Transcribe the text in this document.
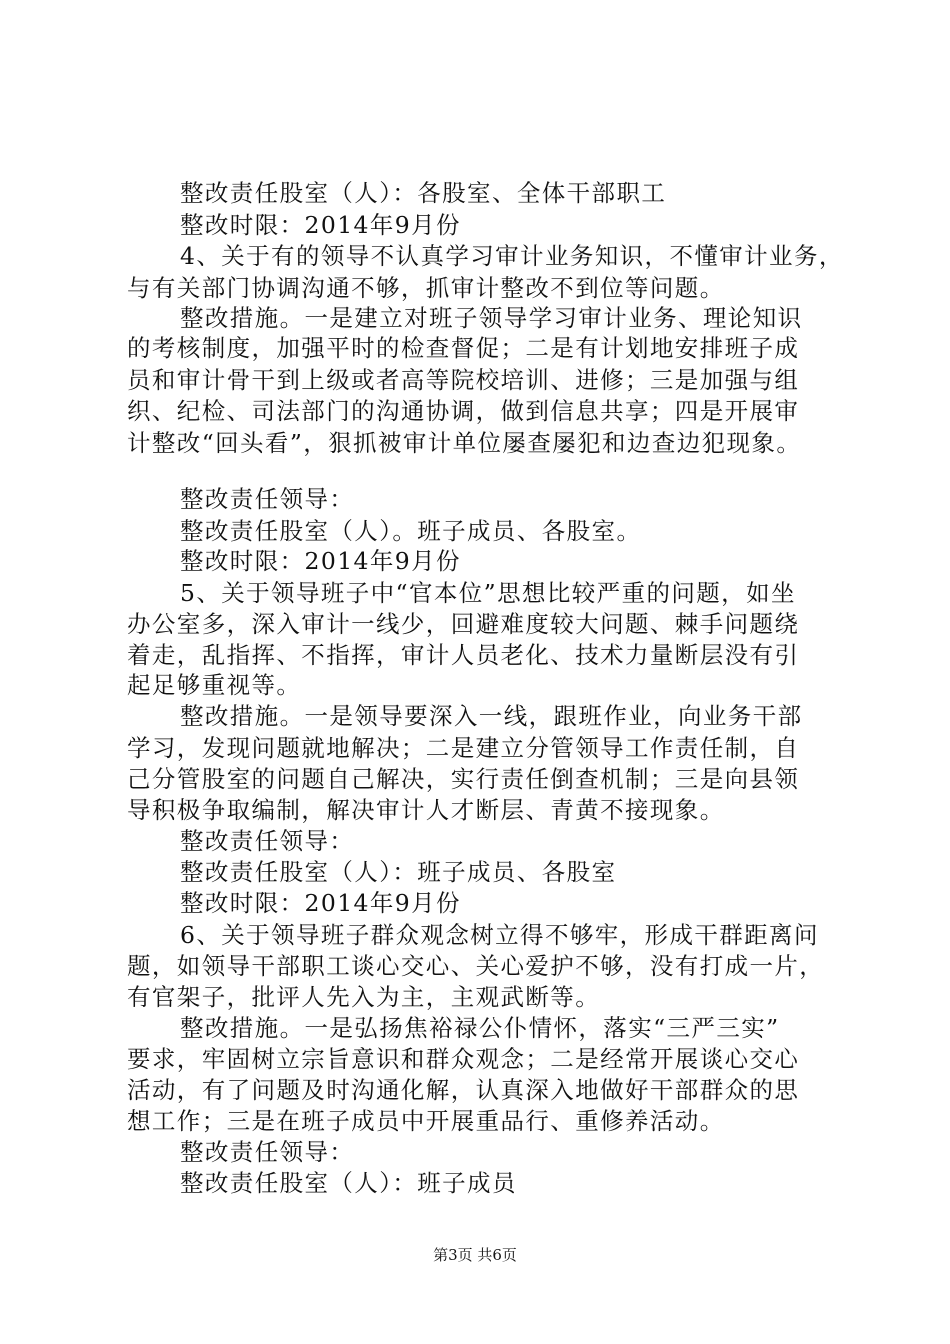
整改责任股室（人）：各股室、全体干部职工
整改时限：2014年9月份
4、关于有的领导不认真学习审计业务知识，不懂审计业务，
与有关部门协调沟通不够，抓审计整改不到位等问题。
整改措施。一是建立对班子领导学习审计业务、理论知识
的考核制度，加强平时的检查督促；二是有计划地安排班子成
员和审计骨干到上级或者高等院校培训、进修；三是加强与组
织、纪检、司法部门的沟通协调，做到信息共享；四是开展审
计整改“回头看”，狠抓被审计单位屡查屡犯和边查边犯现象。
整改责任领导：
整改责任股室（人）。班子成员、各股室。
整改时限：2014年9月份
5、关于领导班子中“官本位”思想比较严重的问题，如坐
办公室多，深入审计一线少，回避难度较大问题、棘手问题绕
着走，乱指挥、不指挥，审计人员老化、技术力量断层没有引
起足够重视等。
整改措施。一是领导要深入一线，跟班作业，向业务干部
学习，发现问题就地解决；二是建立分管领导工作责任制，自
己分管股室的问题自己解决，实行责任倒查机制；三是向县领
导积极争取编制，解决审计人才断层、青黄不接现象。
整改责任领导：
整改责任股室（人）：班子成员、各股室
整改时限：2014年9月份
6、关于领导班子群众观念树立得不够牢，形成干群距离问
题，如领导干部职工谈心交心、关心爱护不够，没有打成一片，
有官架子，批评人先入为主，主观武断等。
整改措施。一是弘扬焦裕禄公仆情怀，落实“三严三实”
要求，牢固树立宗旨意识和群众观念；二是经常开展谈心交心
活动，有了问题及时沟通化解，认真深入地做好干部群众的思
想工作；三是在班子成员中开展重品行、重修养活动。
整改责任领导：
整改责任股室（人）：班子成员
第3页 共6页
